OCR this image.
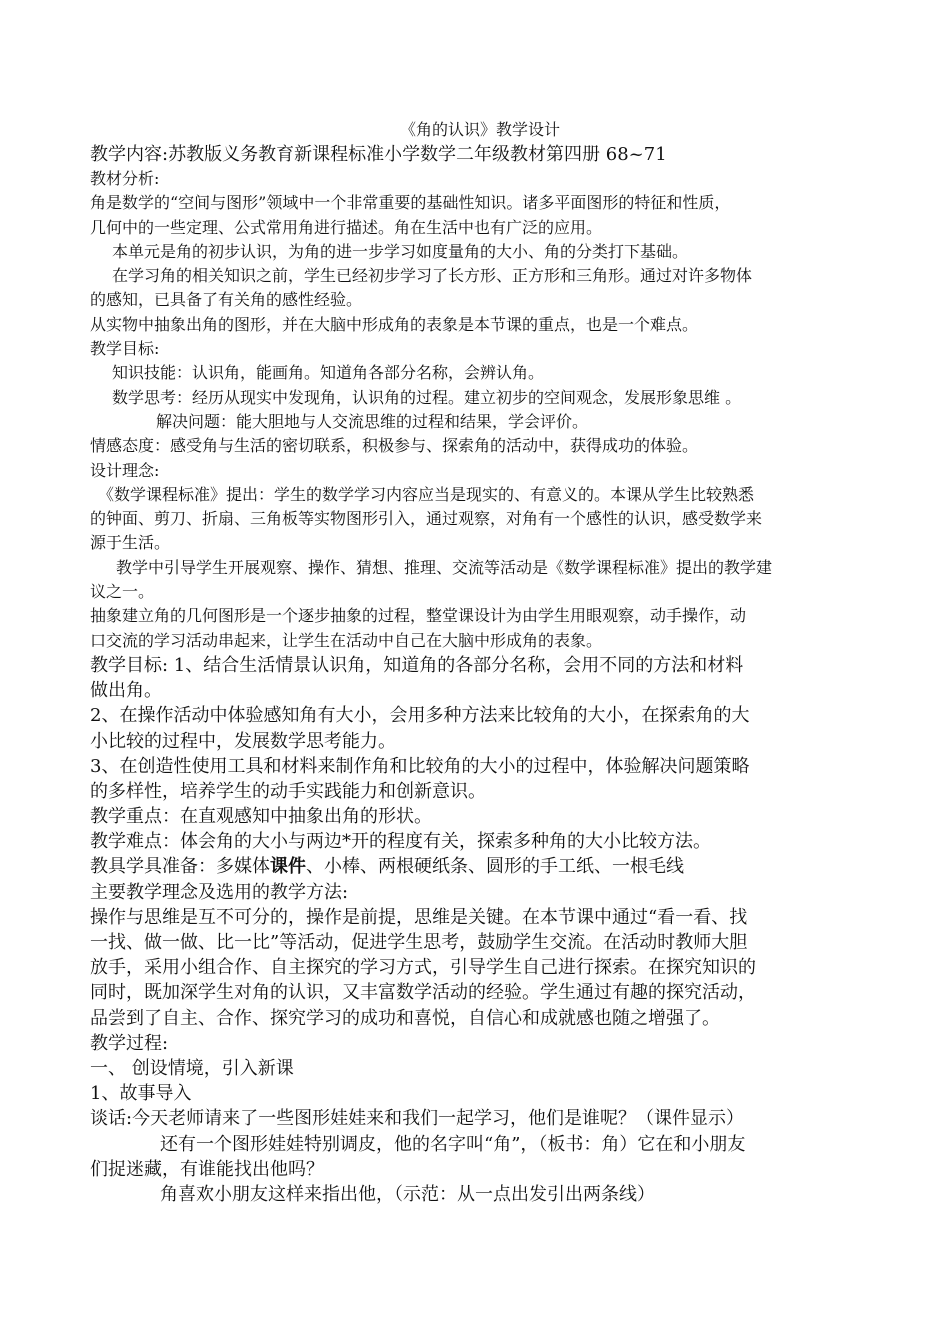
《角的认识》教学设计
教学内容:苏教版义务教育新课程标准小学数学二年级教材第四册 68~71
教材分析:
角是数学的“空间与图形”领域中一个非常重要的基础性知识。诸多平面图形的特征和性质，
几何中的一些定理、公式常用角进行描述。角在生活中也有广泛的应用。
本单元是角的初步认识，为角的进一步学习如度量角的大小、角的分类打下基础。
在学习角的相关知识之前，学生已经初步学习了长方形、正方形和三角形。通过对许多物体
的感知，已具备了有关角的感性经验。
从实物中抽象出角的图形，并在大脑中形成角的表象是本节课的重点，也是一个难点。
教学目标:
知识技能：认识角，能画角。知道角各部分名称，会辨认角。
数学思考：经历从现实中发现角，认识角的过程。建立初步的空间观念，发展形象思维 。
解决问题：能大胆地与人交流思维的过程和结果，学会评价。
情感态度：感受角与生活的密切联系，积极参与、探索角的活动中，获得成功的体验。
设计理念:
《数学课程标准》提出：学生的数学学习内容应当是现实的、有意义的。本课从学生比较熟悉
的钟面、剪刀、折扇、三角板等实物图形引入，通过观察，对角有一个感性的认识，感受数学来
源于生活。
教学中引导学生开展观察、操作、猜想、推理、交流等活动是《数学课程标准》提出的教学建
议之一。
抽象建立角的几何图形是一个逐步抽象的过程，整堂课设计为由学生用眼观察，动手操作，动
口交流的学习活动串起来，让学生在活动中自己在大脑中形成角的表象。
教学目标: 1、结合生活情景认识角，知道角的各部分名称，会用不同的方法和材料
做出角。
2、在操作活动中体验感知角有大小，会用多种方法来比较角的大小，在探索角的大
小比较的过程中，发展数学思考能力。
3、在创造性使用工具和材料来制作角和比较角的大小的过程中，体验解决问题策略
的多样性，培养学生的动手实践能力和创新意识。
教学重点：在直观感知中抽象出角的形状。
教学难点：体会角的大小与两边*开的程度有关，探索多种角的大小比较方法。
教具学具准备：多媒体课件、小棒、两根硬纸条、圆形的手工纸、一根毛线
主要教学理念及选用的教学方法:
操作与思维是互不可分的，操作是前提，思维是关键。在本节课中通过“看一看、找
一找、做一做、比一比”等活动，促进学生思考，鼓励学生交流。在活动时教师大胆
放手，采用小组合作、自主探究的学习方式，引导学生自己进行探索。在探究知识的
同时，既加深学生对角的认识，又丰富数学活动的经验。学生通过有趣的探究活动，
品尝到了自主、合作、探究学习的成功和喜悦，自信心和成就感也随之增强了。
教学过程:
一、 创设情境，引入新课
1、故事导入
谈话:今天老师请来了一些图形娃娃来和我们一起学习，他们是谁呢？（课件显示）
还有一个图形娃娃特别调皮，他的名字叫“角”，（板书：角）它在和小朋友
们捉迷藏，有谁能找出他吗？
角喜欢小朋友这样来指出他，（示范：从一点出发引出两条线）
